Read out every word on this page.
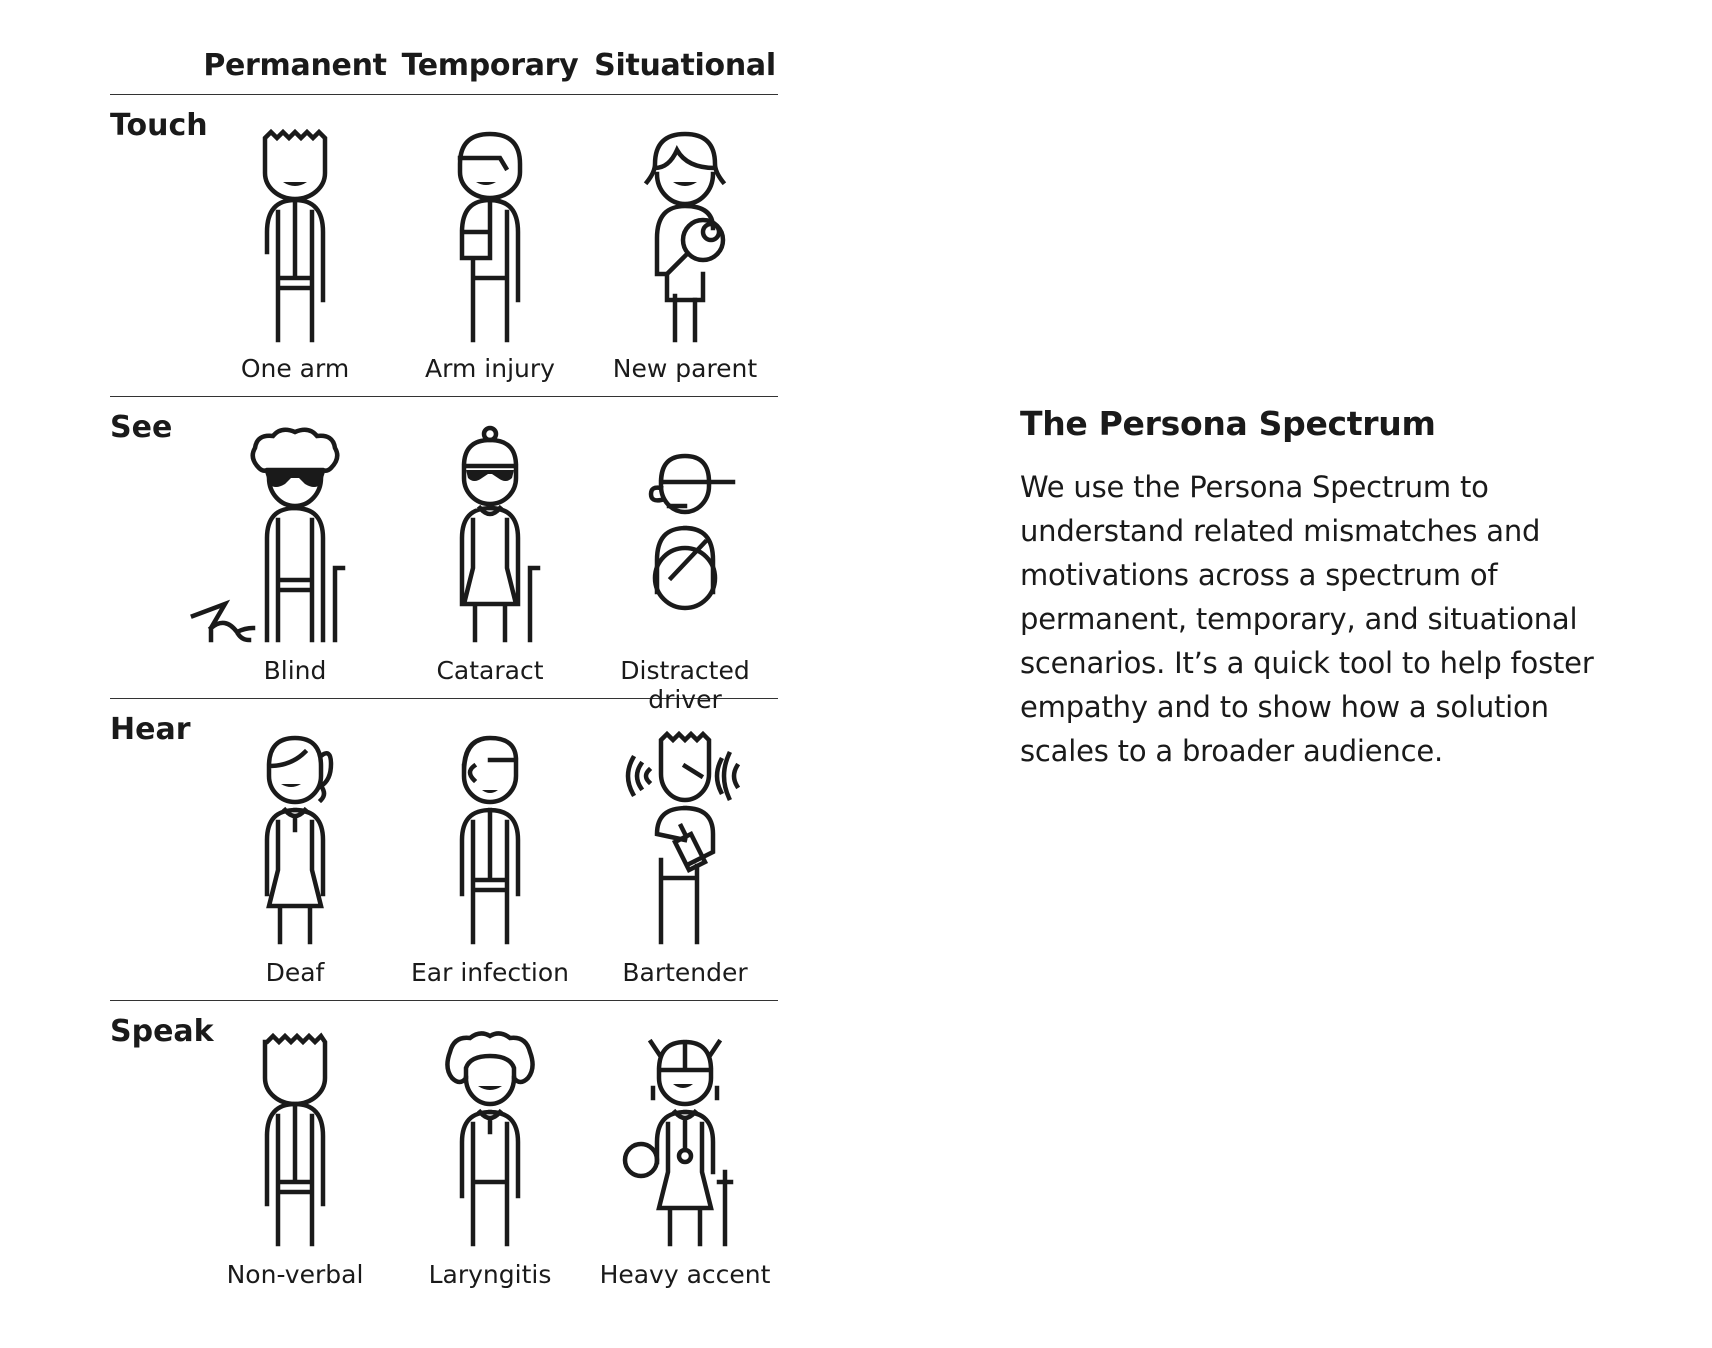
Permanent Temporary Situational
Touch
One arm	Arm injury	New parent
See
Blind	Cataract	Distracted driver
Hear
Deaf	Ear infection	Bartender
Speak
Non-verbal	Laryngitis	Heavy accent
The Persona Spectrum

We use the Persona Spectrum to understand related mismatches and motivations across a spectrum of permanent, temporary, and situational scenarios. It’s a quick tool to help foster empathy and to show how a solution scales to a broader audience.
